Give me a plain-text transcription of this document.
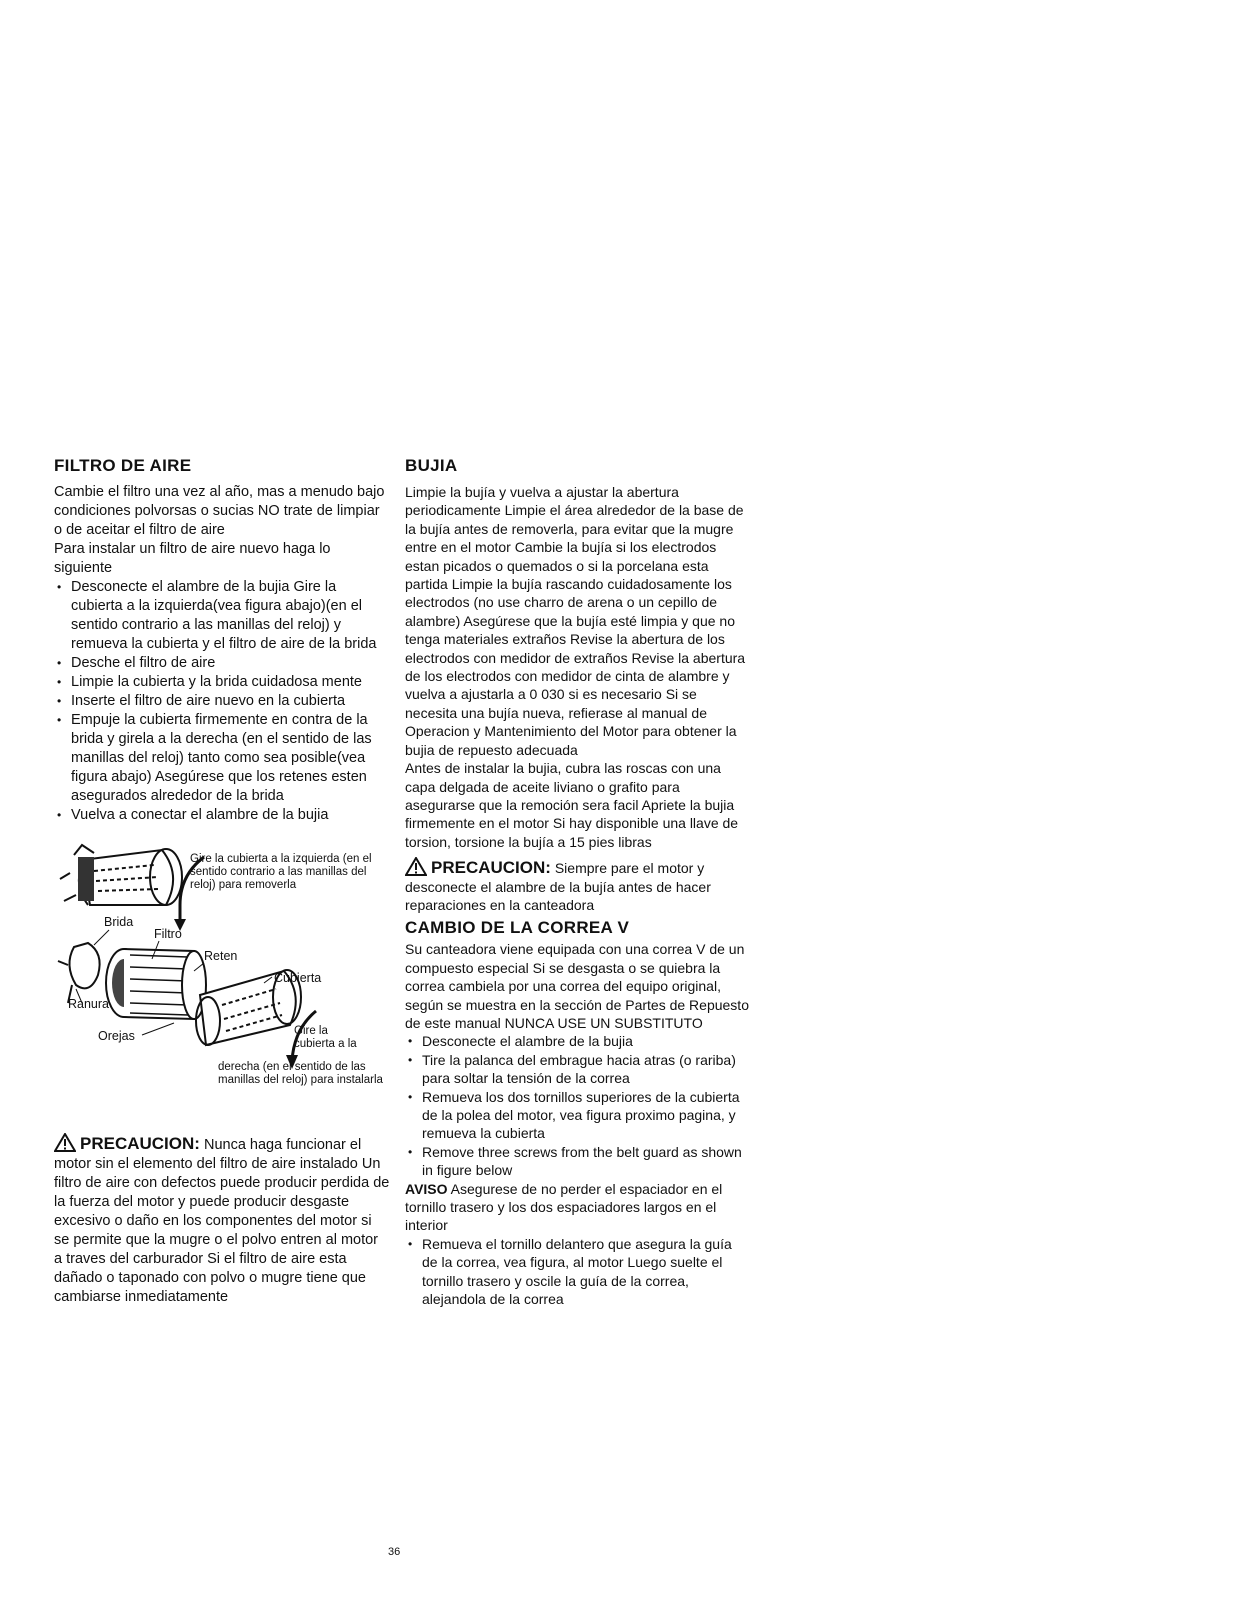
FILTRO DE AIRE

Cambie el filtro una vez al año, mas a menudo bajo condiciones polvorsas o sucias NO trate de limpiar o de aceitar el filtro de aire

Para instalar un filtro de aire nuevo haga lo siguiente

• Desconecte el alambre de la bujia Gire la cubierta a la izquierda(vea figura abajo)(en el sentido contrario a las manillas del reloj) y remueva la cubierta y el filtro de aire de la brida
• Desche el filtro de aire
• Limpie la cubierta y la brida cuidadosa mente
• Inserte el filtro de aire nuevo en la cubierta
• Empuje la cubierta firmemente en contra de la brida y girela a la derecha (en el sentido de las manillas del reloj) tanto como sea posible(vea figura abajo) Asegúrese que los retenes esten asegurados alrededor de la brida
• Vuelva a conectar el alambre de la bujia
Gire la cubierta a la izquierda (en el sentido contrario a las manillas del reloj) para removerla
Brida
Filtro
Reten
Cubierta
Ranura
Orejas	Gire la cubierta a la
derecha (en el sentido de las manillas del reloj) para instalarla

PRECAUCION: Nunca haga funcionar el motor sin el elemento del filtro de aire instalado Un filtro de aire con defectos puede producir perdida de la fuerza del motor y puede producir desgaste excesivo o daño en los componentes del motor si se permite que la mugre o el polvo entren al motor a traves del carburador Si el filtro de aire esta dañado o taponado con polvo o mugre tiene que cambiarse inmediatamente

BUJIA

Limpie la bujía y vuelva a ajustar la abertura periodicamente Limpie el área alrededor de la base de la bujía antes de removerla, para evitar que la mugre entre en el motor Cambie la bujía si los electrodos estan picados o quemados o si la porcelana esta partida Limpie la bujía rascando cuidadosamente los electrodos (no use charro de arena o un cepillo de alambre) Asegúrese que la bujía esté limpia y que no tenga materiales extraños Revise la abertura de los electrodos con medidor de extraños Revise la abertura de los electrodos con medidor de cinta de alambre y vuelva a ajustarla a 0 030 si es necesario Si se necesita una bujía nueva, refierase al manual de Operacion y Mantenimiento del Motor para obtener la bujia de repuesto adecuada

Antes de instalar la bujia, cubra las roscas con una capa delgada de aceite liviano o grafito para asegurarse que la remoción sera facil Apriete la bujia firmemente en el motor Si hay disponible una llave de torsion, torsione la bujía a 15 pies libras

PRECAUCION: Siempre pare el motor y desconecte el alambre de la bujía antes de hacer reparaciones en la canteadora

CAMBIO DE LA CORREA V

Su canteadora viene equipada con una correa V de un compuesto especial Si se desgasta o se quiebra la correa cambiela por una correa del equipo original, según se muestra en la sección de Partes de Repuesto de este manual NUNCA USE UN SUBSTITUTO

• Desconecte el alambre de la bujia
• Tire la palanca del embrague hacia atras (o rariba) para soltar la tensión de la correa
• Remueva los dos tornillos superiores de la cubierta de la polea del motor, vea figura proximo pagina, y remueva la cubierta
• Remove three screws from the belt guard as shown in figure below

AVISO Asegurese de no perder el espaciador en el tornillo trasero y los dos espaciadores largos en el interior

• Remueva el tornillo delantero que asegura la guía de la correa, vea figura, al motor Luego suelte el tornillo trasero y oscile la guía de la correa, alejandola de la correa
36
